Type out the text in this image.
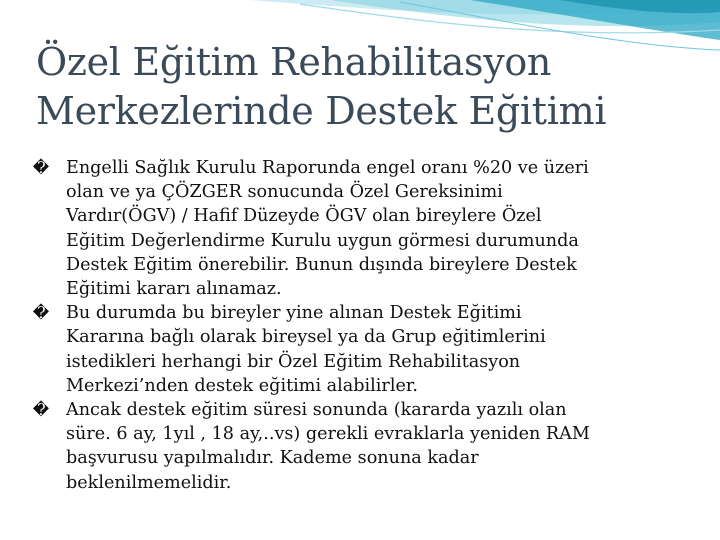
Özel Eğitim Rehabilitasyon
Merkezlerinde Destek Eğitimi
� Engelli Sağlık Kurulu Raporunda engel oranı %20 ve üzeri
olan ve ya ÇÖZGER sonucunda Özel Gereksinimi
Vardır(ÖGV) / Hafif Düzeyde ÖGV olan bireylere Özel
Eğitim Değerlendirme Kurulu uygun görmesi durumunda
Destek Eğitim önerebilir. Bunun dışında bireylere Destek
Eğitimi kararı alınamaz.
� Bu durumda bu bireyler yine alınan Destek Eğitimi
Kararına bağlı olarak bireysel ya da Grup eğitimlerini
istedikleri herhangi bir Özel Eğitim Rehabilitasyon
Merkezi’nden destek eğitimi alabilirler.
� Ancak destek eğitim süresi sonunda (kararda yazılı olan
süre. 6 ay, 1yıl , 18 ay,..vs) gerekli evraklarla yeniden RAM
başvurusu yapılmalıdır. Kademe sonuna kadar
beklenilmemelidir.
